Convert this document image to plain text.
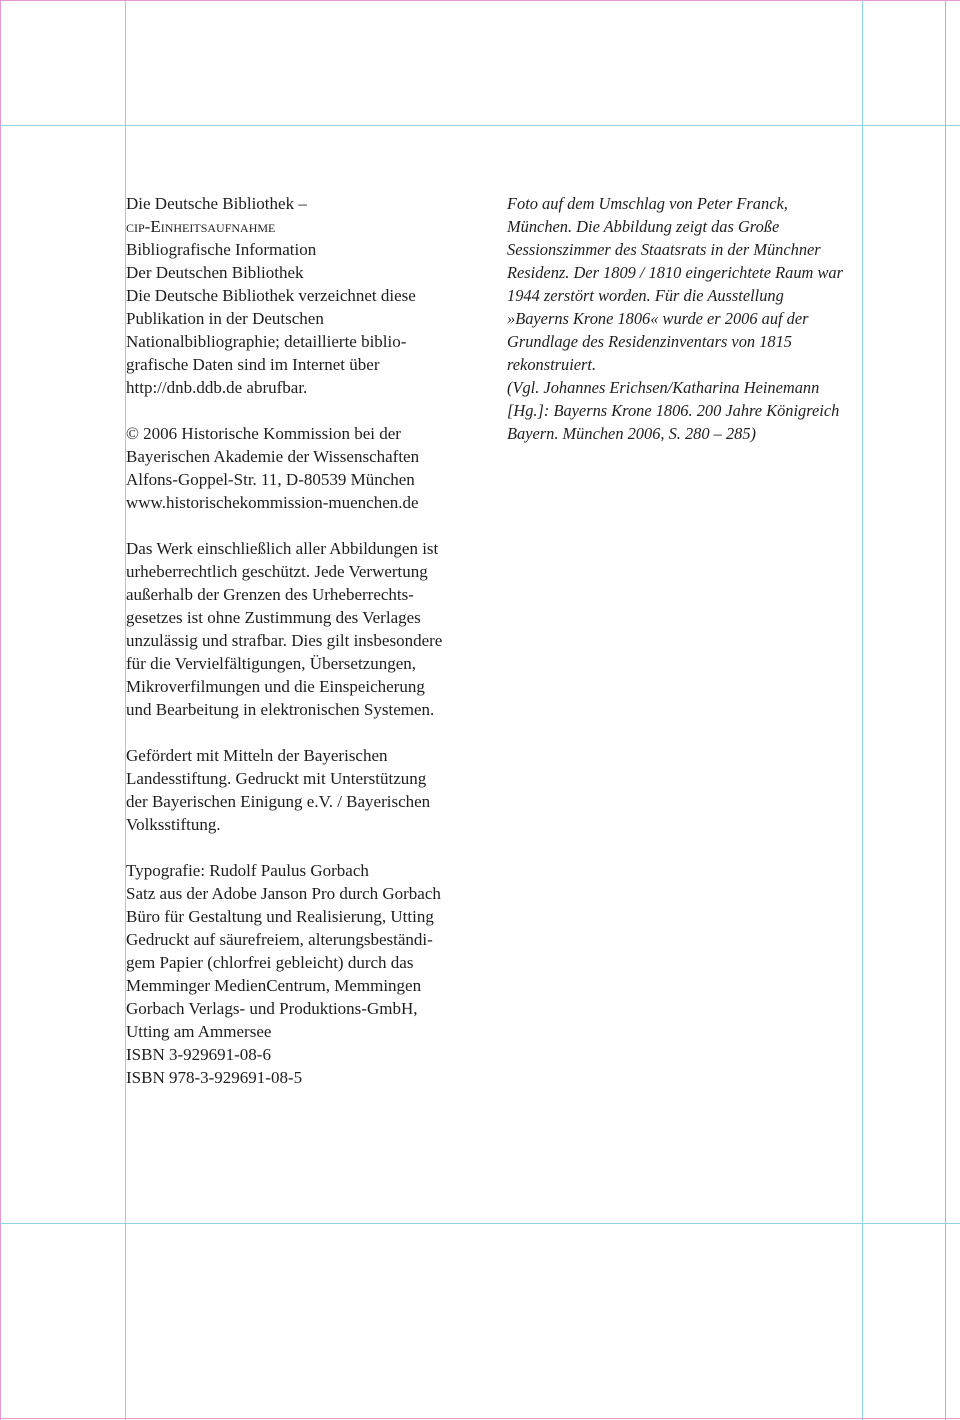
Die Deutsche Bibliothek –
cip-Einheitsaufnahme
Bibliografische Information
Der Deutschen Bibliothek
Die Deutsche Bibliothek verzeichnet diese
Publikation in der Deutschen
Nationalbibliographie; detaillierte biblio-
grafische Daten sind im Internet über
http://dnb.ddb.de abrufbar.
© 2006 Historische Kommission bei der
Bayerischen Akademie der Wissenschaften
Alfons-Goppel-Str. 11, D-80539 München
www.historischekommission-muenchen.de
Das Werk einschließlich aller Abbildungen ist
urheberrechtlich geschützt. Jede Verwertung
außerhalb der Grenzen des Urheberrechts-
gesetzes ist ohne Zustimmung des Verlages
unzulässig und strafbar. Dies gilt insbesondere
für die Vervielfältigungen, Übersetzungen,
Mikroverfilmungen und die Einspeicherung
und Bearbeitung in elektronischen Systemen.
Gefördert mit Mitteln der Bayerischen
Landesstiftung. Gedruckt mit Unterstützung
der Bayerischen Einigung e.V. / Bayerischen
Volksstiftung.
Typografie: Rudolf Paulus Gorbach
Satz aus der Adobe Janson Pro durch Gorbach
Büro für Gestaltung und Realisierung, Utting
Gedruckt auf säurefreiem, alterungsbeständi-
gem Papier (chlorfrei gebleicht) durch das
Memminger MedienCentrum, Memmingen
Gorbach Verlags- und Produktions-GmbH,
Utting am Ammersee
ISBN 3-929691-08-6
ISBN 978-3-929691-08-5
Foto auf dem Umschlag von Peter Franck,
München. Die Abbildung zeigt das Große
Sessionszimmer des Staatsrats in der Münchner
Residenz. Der 1809 / 1810 eingerichtete Raum war
1944 zerstört worden. Für die Ausstellung
»Bayerns Krone 1806« wurde er 2006 auf der
Grundlage des Residenzinventars von 1815
rekonstruiert.
(Vgl. Johannes Erichsen/Katharina Heinemann
[Hg.]: Bayerns Krone 1806. 200 Jahre Königreich
Bayern. München 2006, S. 280 – 285)
